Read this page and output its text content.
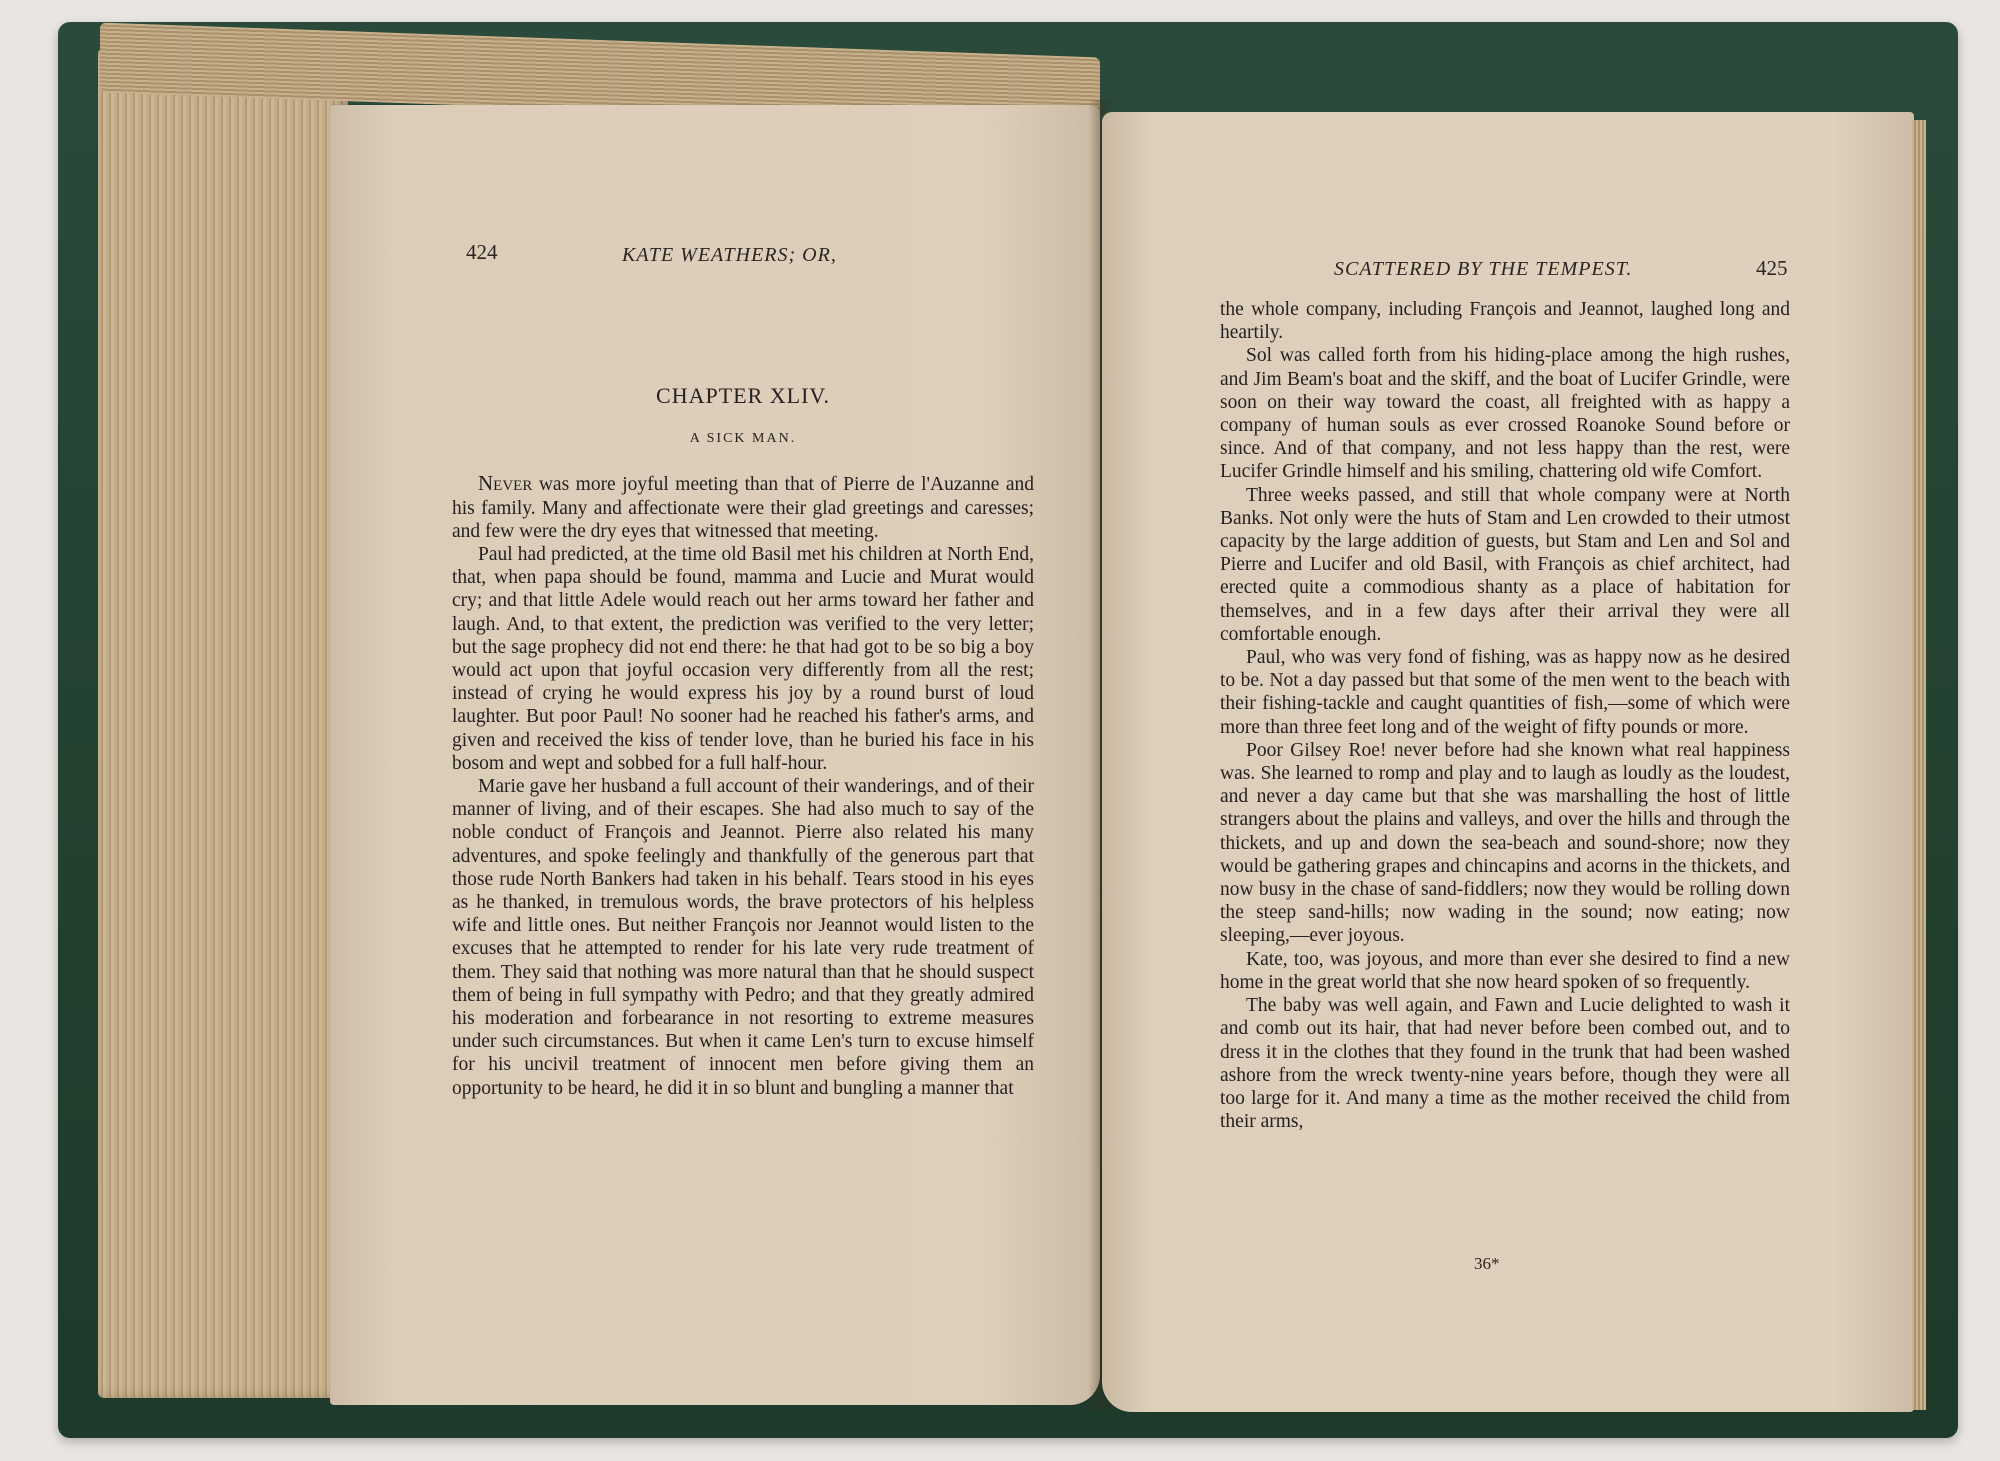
424	KATE WEATHERS; OR,
CHAPTER XLIV.
A SICK MAN.

Never was more joyful meeting than that of Pierre de l'Auzanne and his family. Many and affectionate were their glad greetings and caresses; and few were the dry eyes that witnessed that meeting.

Paul had predicted, at the time old Basil met his children at North End, that, when papa should be found, mamma and Lucie and Murat would cry; and that little Adele would reach out her arms toward her father and laugh. And, to that extent, the prediction was verified to the very letter; but the sage prophecy did not end there: he that had got to be so big a boy would act upon that joyful occasion very differently from all the rest; instead of crying he would express his joy by a round burst of loud laughter. But poor Paul! No sooner had he reached his father's arms, and given and received the kiss of tender love, than he buried his face in his bosom and wept and sobbed for a full half-hour.

Marie gave her husband a full account of their wanderings, and of their manner of living, and of their escapes. She had also much to say of the noble conduct of François and Jeannot. Pierre also related his many adventures, and spoke feelingly and thankfully of the generous part that those rude North Bankers had taken in his behalf. Tears stood in his eyes as he thanked, in tremulous words, the brave protectors of his helpless wife and little ones. But neither François nor Jeannot would listen to the excuses that he attempted to render for his late very rude treatment of them. They said that nothing was more natural than that he should suspect them of being in full sympathy with Pedro; and that they greatly admired his moderation and forbearance in not resorting to extreme measures under such circumstances. But when it came Len's turn to excuse himself for his uncivil treatment of innocent men before giving them an opportunity to be heard, he did it in so blunt and bungling a manner that

SCATTERED BY THE TEMPEST.	425

the whole company, including François and Jeannot, laughed long and heartily.

Sol was called forth from his hiding-place among the high rushes, and Jim Beam's boat and the skiff, and the boat of Lucifer Grindle, were soon on their way toward the coast, all freighted with as happy a company of human souls as ever crossed Roanoke Sound before or since. And of that company, and not less happy than the rest, were Lucifer Grindle himself and his smiling, chattering old wife Comfort.

Three weeks passed, and still that whole company were at North Banks. Not only were the huts of Stam and Len crowded to their utmost capacity by the large addition of guests, but Stam and Len and Sol and Pierre and Lucifer and old Basil, with François as chief architect, had erected quite a commodious shanty as a place of habitation for themselves, and in a few days after their arrival they were all comfortable enough.

Paul, who was very fond of fishing, was as happy now as he desired to be. Not a day passed but that some of the men went to the beach with their fishing-tackle and caught quantities of fish,—some of which were more than three feet long and of the weight of fifty pounds or more.

Poor Gilsey Roe! never before had she known what real happiness was. She learned to romp and play and to laugh as loudly as the loudest, and never a day came but that she was marshalling the host of little strangers about the plains and valleys, and over the hills and through the thickets, and up and down the sea-beach and sound-shore; now they would be gathering grapes and chincapins and acorns in the thickets, and now busy in the chase of sand-fiddlers; now they would be rolling down the steep sand-hills; now wading in the sound; now eating; now sleeping,—ever joyous.

Kate, too, was joyous, and more than ever she desired to find a new home in the great world that she now heard spoken of so frequently.

The baby was well again, and Fawn and Lucie delighted to wash it and comb out its hair, that had never before been combed out, and to dress it in the clothes that they found in the trunk that had been washed ashore from the wreck twenty-nine years before, though they were all too large for it. And many a time as the mother received the child from their arms,

36*
